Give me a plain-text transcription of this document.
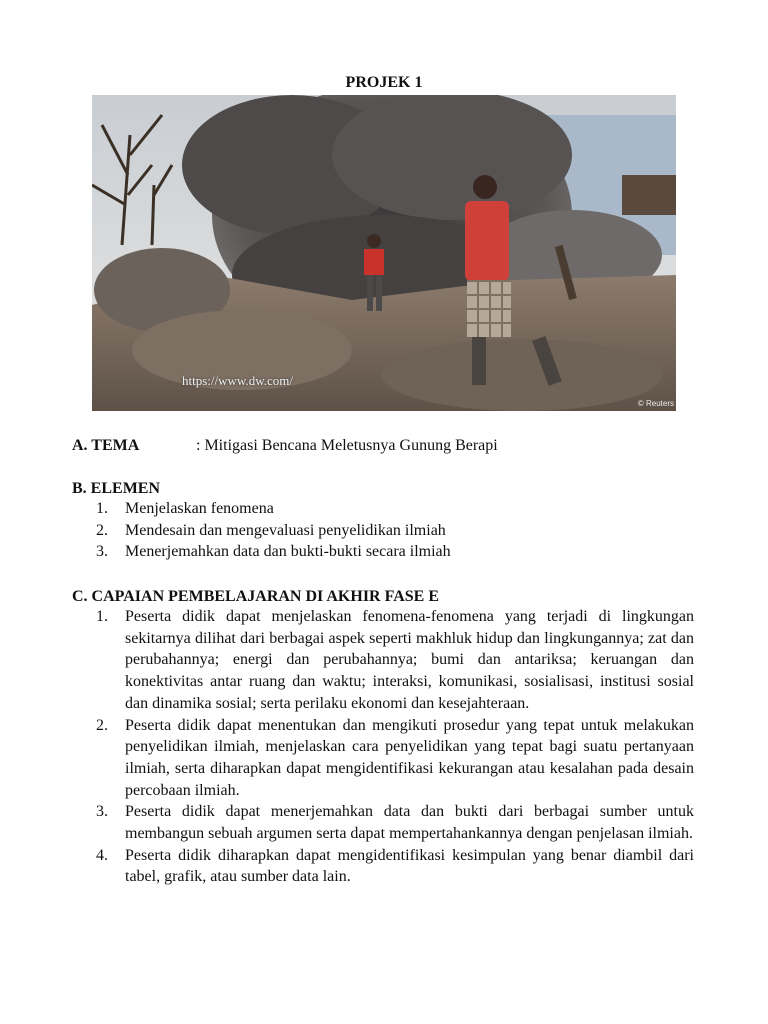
PROJEK 1
https://www.dw.com/
© Reuters
A. TEMA	: Mitigasi Bencana Meletusnya Gunung Berapi
B. ELEMEN
1. Menjelaskan fenomena
2. Mendesain dan mengevaluasi penyelidikan ilmiah
3. Menerjemahkan data dan bukti-bukti secara ilmiah
C. CAPAIAN PEMBELAJARAN DI AKHIR FASE E
1. Peserta didik dapat menjelaskan fenomena-fenomena yang terjadi di lingkungan sekitarnya dilihat dari berbagai aspek seperti makhluk hidup dan lingkungannya; zat dan perubahannya; energi dan perubahannya; bumi dan antariksa; keruangan dan konektivitas antar ruang dan waktu; interaksi, komunikasi, sosialisasi, institusi sosial dan dinamika sosial; serta perilaku ekonomi dan kesejahteraan.
2. Peserta didik dapat menentukan dan mengikuti prosedur yang tepat untuk melakukan penyelidikan ilmiah, menjelaskan cara penyelidikan yang tepat bagi suatu pertanyaan ilmiah, serta diharapkan dapat mengidentifikasi kekurangan atau kesalahan pada desain percobaan ilmiah.
3. Peserta didik dapat menerjemahkan data dan bukti dari berbagai sumber untuk membangun sebuah argumen serta dapat mempertahankannya dengan penjelasan ilmiah.
4. Peserta didik diharapkan dapat mengidentifikasi kesimpulan yang benar diambil dari tabel, grafik, atau sumber data lain.
